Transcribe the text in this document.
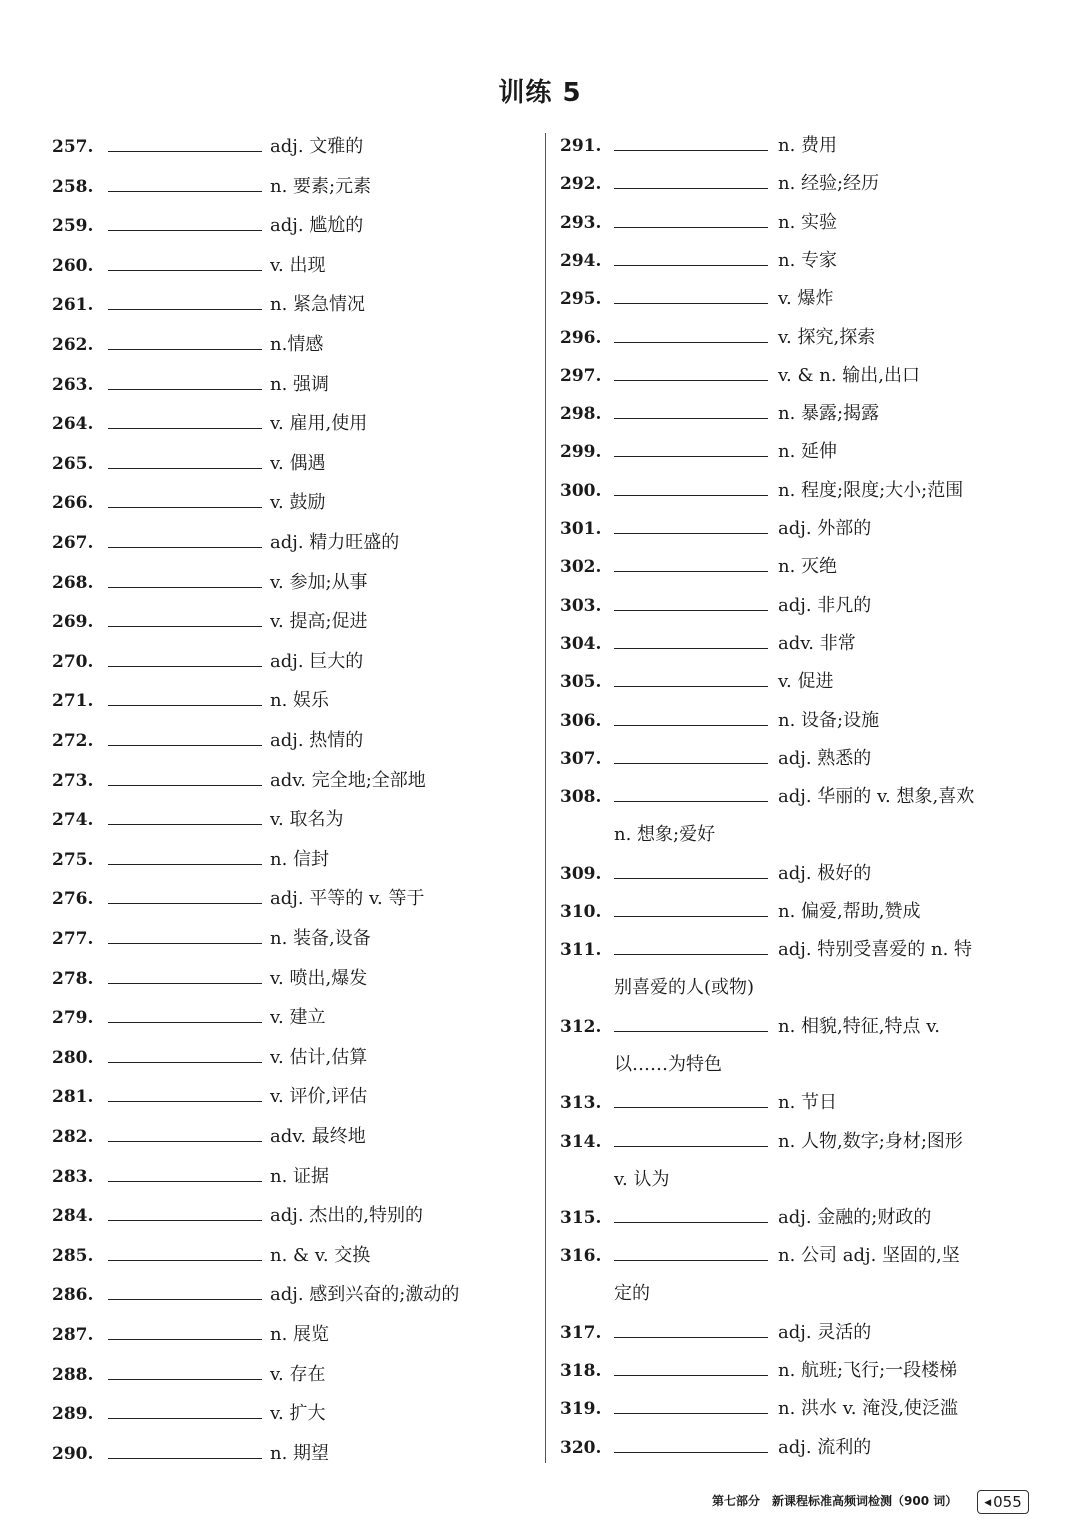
训练 5
257.	adj. 文雅的
258.	n. 要素;元素
259.	adj. 尴尬的
260.	v. 出现
261.	n. 紧急情况
262.	n.情感
263.	n. 强调
264.	v. 雇用,使用
265.	v. 偶遇
266.	v. 鼓励
267.	adj. 精力旺盛的
268.	v. 参加;从事
269.	v. 提高;促进
270.	adj. 巨大的
271.	n. 娱乐
272.	adj. 热情的
273.	adv. 完全地;全部地
274.	v. 取名为
275.	n. 信封
276.	adj. 平等的 v. 等于
277.	n. 装备,设备
278.	v. 喷出,爆发
279.	v. 建立
280.	v. 估计,估算
281.	v. 评价,评估
282.	adv. 最终地
283.	n. 证据
284.	adj. 杰出的,特别的
285.	n. & v. 交换
286.	adj. 感到兴奋的;激动的
287.	n. 展览
288.	v. 存在
289.	v. 扩大
290.	n. 期望
291.	n. 费用
292.	n. 经验;经历
293.	n. 实验
294.	n. 专家
295.	v. 爆炸
296.	v. 探究,探索
297.	v. & n. 输出,出口
298.	n. 暴露;揭露
299.	n. 延伸
300.	n. 程度;限度;大小;范围
301.	adj. 外部的
302.	n. 灭绝
303.	adj. 非凡的
304.	adv. 非常
305.	v. 促进
306.	n. 设备;设施
307.	adj. 熟悉的
308.	adj. 华丽的 v. 想象,喜欢
n. 想象;爱好
309.	adj. 极好的
310.	n. 偏爱,帮助,赞成
311.	adj. 特别受喜爱的 n. 特
别喜爱的人(或物)
312.	n. 相貌,特征,特点 v.
以……为特色
313.	n. 节日
314.	n. 人物,数字;身材;图形
v. 认为
315.	adj. 金融的;财政的
316.	n. 公司 adj. 坚固的,坚
定的
317.	adj. 灵活的
318.	n. 航班;飞行;一段楼梯
319.	n. 洪水 v. 淹没,使泛滥
320.	adj. 流利的
第七部分　新课程标准高频词检测（900 词）	◀ 055
